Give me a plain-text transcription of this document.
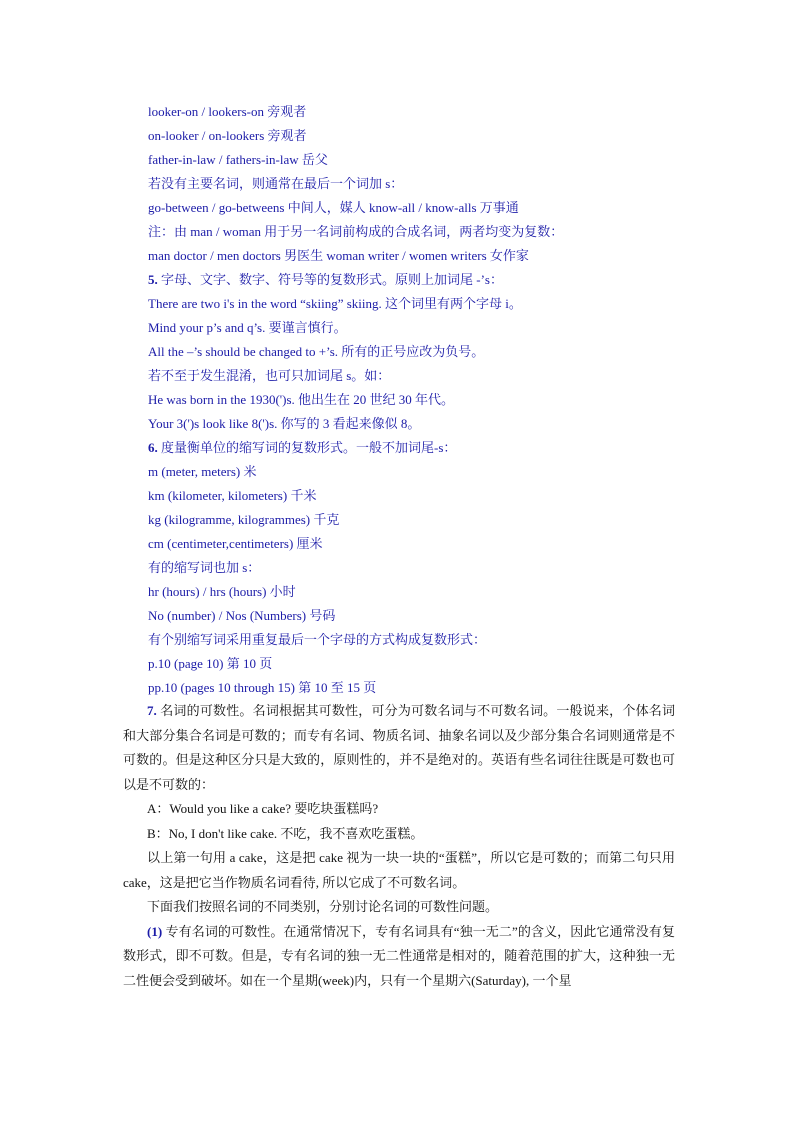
looker-on / lookers-on 旁观者
on-looker / on-lookers 旁观者
father-in-law / fathers-in-law 岳父
若没有主要名词，则通常在最后一个词加 s：
go-between / go-betweens 中间人，媒人 know-all / know-alls 万事通
注：由 man / woman 用于另一名词前构成的合成名词，两者均变为复数：
man doctor / men doctors 男医生 woman writer / women writers 女作家
5. 字母、文字、数字、符号等的复数形式。原则上加词尾 -’s：
There are two i's in the word “skiing” skiing. 这个词里有两个字母 i。
Mind your p’s and q’s. 要谨言慎行。
All the –’s should be changed to +’s. 所有的正号应改为负号。
若不至于发生混淆，也可只加词尾 s。如：
He was born in the 1930(')s. 他出生在 20 世纪 30 年代。
Your 3(')s look like 8(')s. 你写的 3 看起来像似 8。
6. 度量衡单位的缩写词的复数形式。一般不加词尾-s：
m (meter, meters) 米
km (kilometer, kilometers) 千米
kg (kilogramme, kilogrammes) 千克
cm (centimeter,centimeters) 厘米
有的缩写词也加 s：
hr (hours) / hrs (hours) 小时
No (number) / Nos (Numbers) 号码
有个别缩写词采用重复最后一个字母的方式构成复数形式：
p.10 (page 10) 第 10 页
pp.10 (pages 10 through 15) 第 10 至 15 页

7. 名词的可数性。名词根据其可数性，可分为可数名词与不可数名词。一般说来，个体名词和大部分集合名词是可数的；而专有名词、物质名词、抽象名词以及少部分集合名词则通常是不可数的。但是这种区分只是大致的，原则性的，并不是绝对的。英语有些名词往往既是可数也可以是不可数的：

A：Would you like a cake? 要吃块蛋糕吗?

B：No, I don't like cake. 不吃，我不喜欢吃蛋糕。

以上第一句用 a cake，这是把 cake 视为一块一块的“蛋糕”，所以它是可数的；而第二句只用 cake，这是把它当作物质名词看待, 所以它成了不可数名词。

下面我们按照名词的不同类别，分别讨论名词的可数性问题。

(1) 专有名词的可数性。在通常情况下，专有名词具有“独一无二”的含义，因此它通常没有复数形式，即不可数。但是，专有名词的独一无二性通常是相对的，随着范围的扩大，这种独一无二性便会受到破坏。如在一个星期(week)内，只有一个星期六(Saturday), 一个星
